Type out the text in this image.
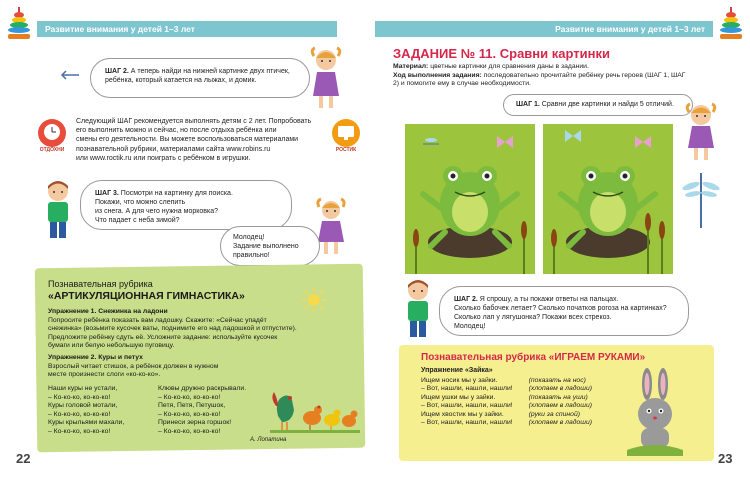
Развитие внимания у детей 1–3 лет
ШАГ 2. А теперь найди на нижней картинке двух птичек, ребёнка, который катается на лыжах, и домик.
ОТДОХНИ
Следующий ШАГ рекомендуется выполнять детям с 2 лет. Попробовать
его выполнить можно и сейчас, но после отдыха ребёнка или
смены его деятельности. Вы можете воспользоваться материалами
познавательной рубрики, материалами сайта www.robins.ru
или www.roctik.ru или поиграть с ребёнком в игрушки.
РОСТИК
ШАГ 3. Посмотри на картинку для поиска.
Покажи, что можно слепить
из снега. А для чего нужна морковка?
Что падает с неба зимой?
Молодец!
Задание выполнено
правильно!
Познавательная рубрика
«АРТИКУЛЯЦИОННАЯ ГИМНАСТИКА»
Упражнение 1. Снежинка на ладони
Попросите ребёнка показать вам ладошку. Скажите: «Сейчас упадёт
снежинка» (возьмите кусочек ваты, поднимите его над ладошкой и отпустите).
Предложите ребёнку сдуть её. Усложните задание: используйте кусочек
бумаги или белую небольшую пуговицу.
Упражнение 2. Куры и петух
Взрослый читает стишок, а ребёнок должен в нужном
месте произнести слоги «ко-ко-ко».
Наши куры не устали,
– Ко-ко-ко, ко-ко-ко!
Куры головой мотали,
– Ко-ко-ко, ко-ко-ко!
Куры крыльями махали,
– Ко-ко-ко, ко-ко-ко!
Клювы дружно раскрывали.
– Ко-ко-ко, ко-ко-ко!
Петя, Петя, Петушок,
– Ко-ко-ко, ко-ко-ко!
Принеси зерна горшок!
– Ко-ко-ко, ко-ко-ко!
А. Лопатина
22
Развитие внимания у детей 1–3 лет
ЗАДАНИЕ № 11. Сравни картинки
Материал: цветные картинки для сравнения даны в задании.
Ход выполнения задания: последовательно прочитайте ребёнку речь героев (ШАГ 1, ШАГ 2) и помогите ему в случае необходимости.
ШАГ 1. Сравни две картинки и найди 5 отличий.
ШАГ 2. Я спрошу, а ты покажи ответы на пальцах.
Сколько бабочек летает? Сколько початков рогоза на картинках?
Сколько лап у лягушонка? Покажи всех стрекоз.
Молодец!
Познавательная рубрика «ИГРАЕМ РУКАМИ»
Упражнение «Зайка»
Ищем носик мы у зайки.	(показать на нос)
– Вот, нашли, нашли, нашли!	(хлопаем в ладоши)
Ищем ушки мы у зайки.	(показать на уши)
– Вот, нашли, нашли, нашли!	(хлопаем в ладоши)
Ищем хвостик мы у зайки.	(руки за спиной)
– Вот, нашли, нашли, нашли!	(хлопаем в ладоши)
23
